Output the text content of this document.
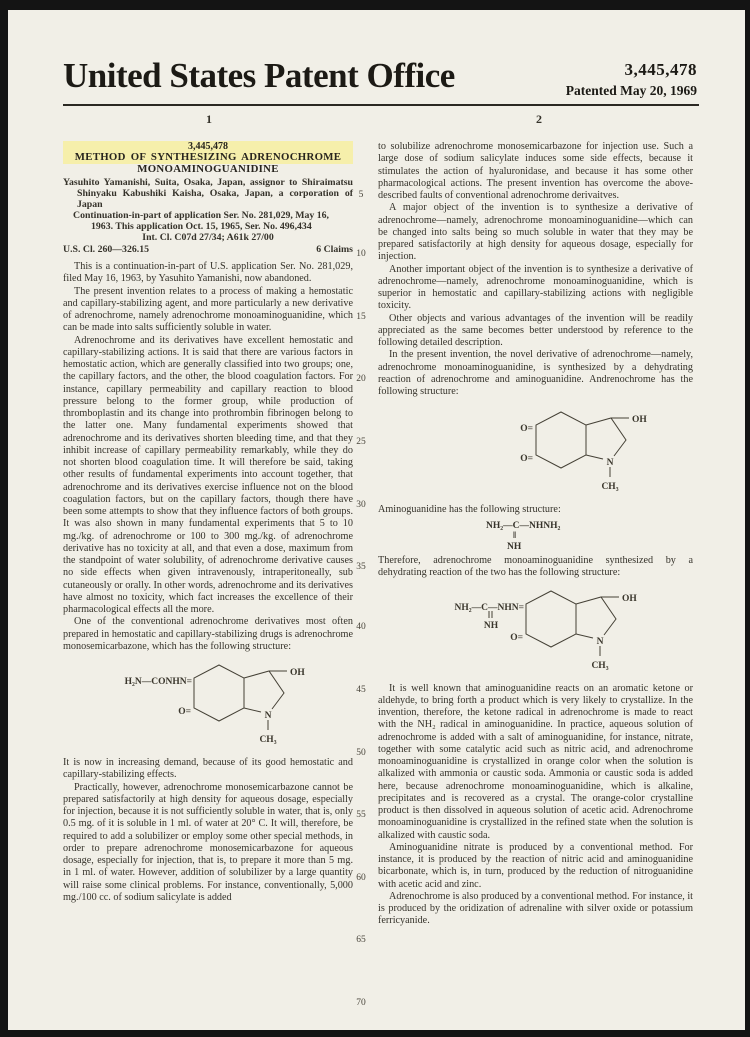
United States Patent Office	3,445,478
Patented May 20, 1969
1	2
5
10
15
20
25
30
35
40
45
50
55
60
65
70
3,445,478
METHOD OF SYNTHESIZING ADRENOCHROME
MONOAMINOGUANIDINE

Yasuhito Yamanishi, Suita, Osaka, Japan, assignor to Shiraimatsu Shinyaku Kabushiki Kaisha, Osaka, Japan, a corporation of Japan

Continuation-in-part of application Ser. No. 281,029, May 16, 1963. This application Oct. 15, 1965, Ser. No. 496,434

Int. Cl. C07d 27/34; A61k 27/00

U.S. Cl. 260—326.15	6 Claims

This is a continuation-in-part of U.S. application Ser. No. 281,029, filed May 16, 1963, by Yasuhito Yamanishi, now abandoned.

The present invention relates to a process of making a hemostatic and capillary-stabilizing agent, and more particularly a new derivative of adrenochrome, namely adrenochrome monoaminoguanidine, which can be made into salts sufficiently soluble in water.

Adrenochrome and its derivatives have excellent hemostatic and capillary-stabilizing actions. It is said that there are various factors in hemostatic action, which are generally classified into two groups; one, the capillary factors, and the other, the blood coagulation factors. For instance, capillary permeability and capillary reaction to blood pressure belong to the former group, while production of thromboplastin and its change into prothrombin fibrinogen belong to the latter one. Many fundamental experiments showed that adrenochrome and its derivatives shorten bleeding time, and that they inhibit increase of capillary permeability remarkably, while they do not shorten blood coagulation time. It will therefore be said, taking other results of fundamental experiments into account together, that adrenochrome and its derivatives exercise influence not on the blood coagulation factors, but on the capillary factors, though there have been some attempts to show that they influence factors of both groups. It was also shown in many fundamental experiments that 5 to 10 mg./kg. of adrenochrome or 100 to 300 mg./kg. of adrenochrome derivative has no toxicity at all, and that even a dose, maximum from the standpoint of water solubility, of adrenochrome derivative causes no side effects when given intravenously, intraperitoneally, sub cutaneously or orally. In other words, adrenochrome and its derivatives have almost no toxicity, which fact increases the excellence of their pharmacological effects all the more.

One of the conventional adrenochrome derivatives most often prepared in hemostatic and capillary-stabilizing drugs is adrenochrome monosemicarbazone, which has the following structure:

H₂N—CONHN=
O=
OH
N
CH₃

It is now in increasing demand, because of its good hemostatic and capillary-stabilizing effects.

Practically, however, adrenochrome monosemicarbazone cannot be prepared satisfactorily at high density for aqueous dosage, especially for injection, because it is not sufficiently soluble in water, that is, only 0.5 mg. of it is soluble in 1 ml. of water at 20° C. It will, therefore, be required to add a solubilizer or employ some other special methods, in order to prepare adrenochrome monosemicarbazone for aqueous dosage, especially for injection, that is, to prepare it more than 5 mg. in 1 ml. of water. However, addition of solubilizer by a large quantity will raise some clinical problems. For instance, conventionally, 5,000 mg./100 cc. of sodium salicylate is added

to solubilize adrenochrome monosemicarbazone for injection use. Such a large dose of sodium salicylate induces some side effects, because it stimulates the action of hyaluronidase, and because it has some other pharmacological actions. The present invention has overcome the above-described faults of conventional adrenochrome derivaitves.

A major object of the invention is to synthesize a derivative of adrenochrome—namely, adrenochrome monoaminoguanidine—which can be changed into salts being so much soluble in water that they may be prepared satisfactorily at high density for aqueous dosage, especially for injection.

Another important object of the invention is to synthesize a derivative of adrenochrome—namely, adrenochrome monoaminoguanidine, which is superior in hemostatic and capillary-stabilizing actions with negligible toxicity.

Other objects and various advantages of the invention will be readily appreciated as the same becomes better understood by reference to the following detailed description.

In the present invention, the novel derivative of adrenochrome—namely, adrenochrome monoaminoguanidine, is synthesized by a dehydrating reaction of adrenochrome and aminoguanidine. Andrenochrome has the following structure:

O=
O=
OH
N
CH₃

Aminoguanidine has the following structure:

NH₂—C—NHNH₂
‖
NH

Therefore, adrenochrome monoaminoguanidine synthesized by a dehydrating reaction of the two has the following structure:

NH₂—C—NHN=
NH
O=
OH
N
CH₃

It is well known that aminoguanidine reacts on an aromatic ketone or aldehyde, to bring forth a product which is very likely to crystallize. In the invention, therefore, the ketone radical in adrenochrome is made to react with the NH₂ radical in aminoguanidine. In practice, aqueous solution of adrenochrome is added with a salt of aminoguanidine, for instance, nitrate, together with some catalytic acid such as nitric acid, and adrenochrome monoaminoguanidine is crystallized in orange color when the solution is alkalized with ammonia or caustic soda. Ammonia or caustic soda is added here, because adrenochrome monoaminoguanidine, which is alkaline, precipitates and is recovered as a crystal. The orange-color crystalline product is then dissolved in aqueous solution of acetic acid. Adrenochrome monoaminoguanidine is crystallized in the refined state when the solution is alkalized with caustic soda.

Aminoguanidine nitrate is produced by a conventional method. For instance, it is produced by the reaction of nitric acid and aminoguanidine bicarbonate, which is, in turn, produced by the reduction of nitroguanidine with acetic acid and zinc.

Adrenochrome is also produced by a conventional method. For instance, it is produced by the oridization of adrenaline with silver oxide or potassium ferricyanide.
